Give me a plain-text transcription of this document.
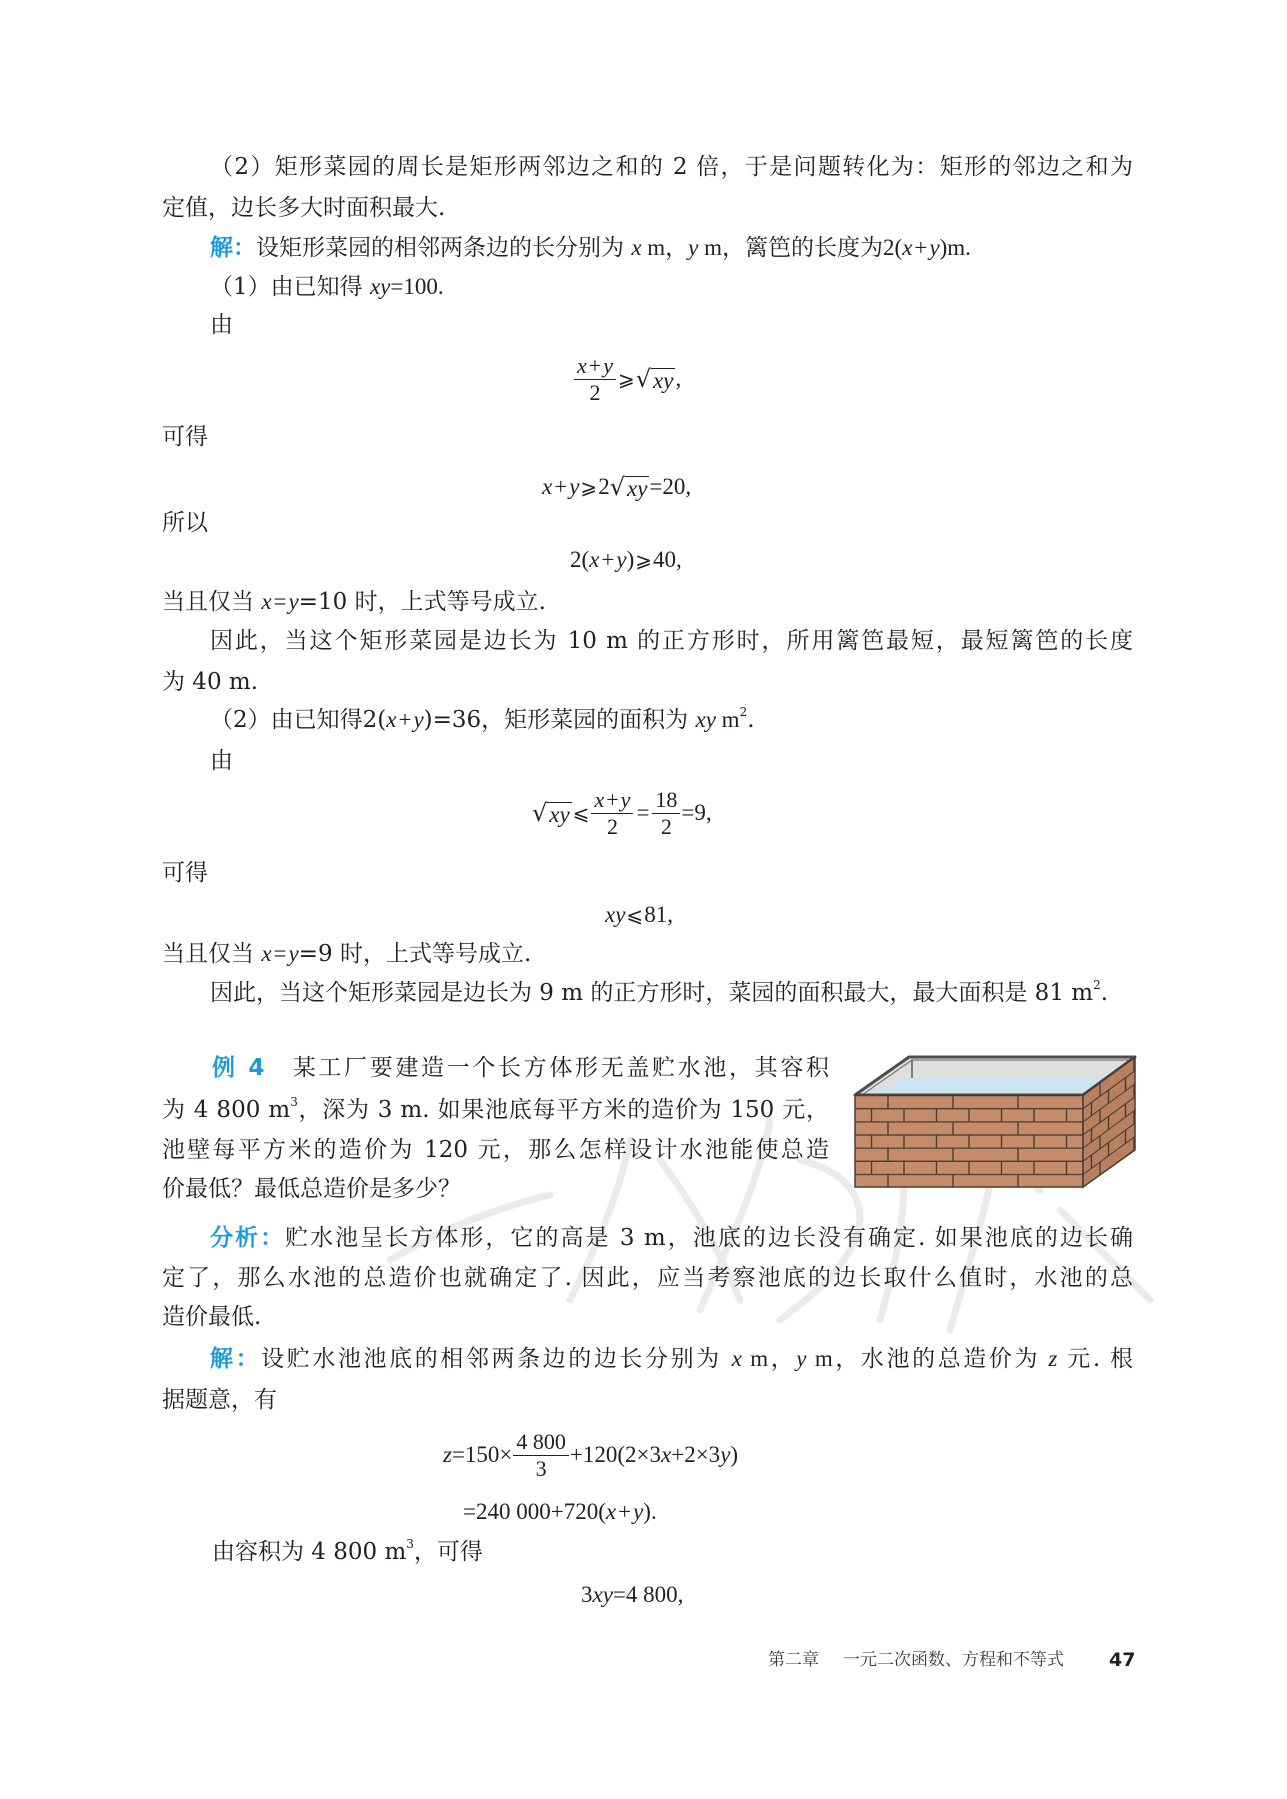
（2）矩形菜园的周长是矩形两邻边之和的 2 倍，于是问题转化为：矩形的邻边之和为
定值，边长多大时面积最大.
解：设矩形菜园的相邻两条边的长分别为 x m，y m，篱笆的长度为2(x+y)m.
（1）由已知得 xy=100.
由
$\frac{x + y}{2}$ ⩾ √ xy ,
可得
x + y ⩾ 2 √ xy =20,
所以
2( x + y ) ⩾ 40,
当且仅当 x=y=10 时，上式等号成立.
因此，当这个矩形菜园是边长为 10 m 的正方形时，所用篱笆最短，最短篱笆的长度
为 40 m.
（2）由已知得2(x+y)=36，矩形菜园的面积为 xy $m^2$.
由
√ xy ⩽ $\frac{x + y}{2} = \frac{18}{2} =9$,
可得
xy ⩽ 81,
当且仅当 x=y=9 时，上式等号成立.
因此，当这个矩形菜园是边长为 9 m 的正方形时，菜园的面积最大，最大面积是 81 $m^2$.
例 4　 某工厂要建造一个长方体形无盖贮水池，其容积
为 4 800 $m^3$，深为 3 m. 如果池底每平方米的造价为 150 元，
池壁每平方米的造价为 120 元，那么怎样设计水池能使总造
价最低？最低总造价是多少？
分析：贮水池呈长方体形，它的高是 3 m，池底的边长没有确定. 如果池底的边长确
定了，那么水池的总造价也就确定了. 因此，应当考察池底的边长取什么值时，水池的总
造价最低.
解：设贮水池池底的相邻两条边的边长分别为 x m，y m，水池的总造价为 z 元. 根
据题意，有
$z =150\times \frac{4 800}{3} +120(2\times 3$ x +2×3 y )
=240 000+720( x + y ).
由容积为 4 800 $m^3$，可得
3 xy =4 800,
第二章 一元二次函数、方程和不等式 47
